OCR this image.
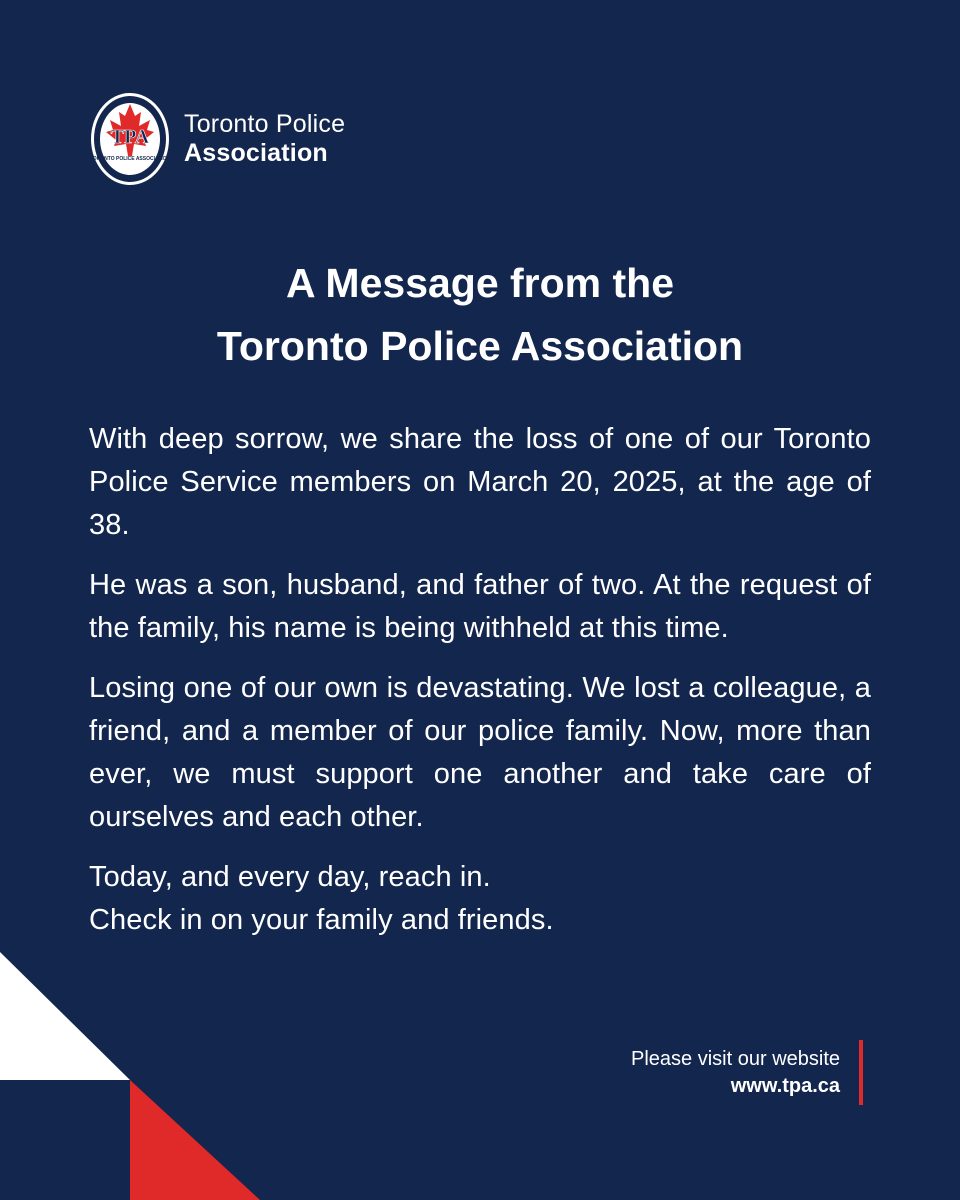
TPA
TORONTO POLICE ASSOCIATION
Toronto Police
Association
A Message from the
Toronto Police Association

With deep sorrow, we share the loss of one of our Toronto Police Service members on March 20, 2025, at the age of 38.

He was a son, husband, and father of two. At the request of the family, his name is being withheld at this time.

Losing one of our own is devastating. We lost a colleague, a friend, and a member of our police family. Now, more than ever, we must support one another and take care of ourselves and each other.

Today, and every day, reach in.
Check in on your family and friends.

Please visit our website
www.tpa.ca
